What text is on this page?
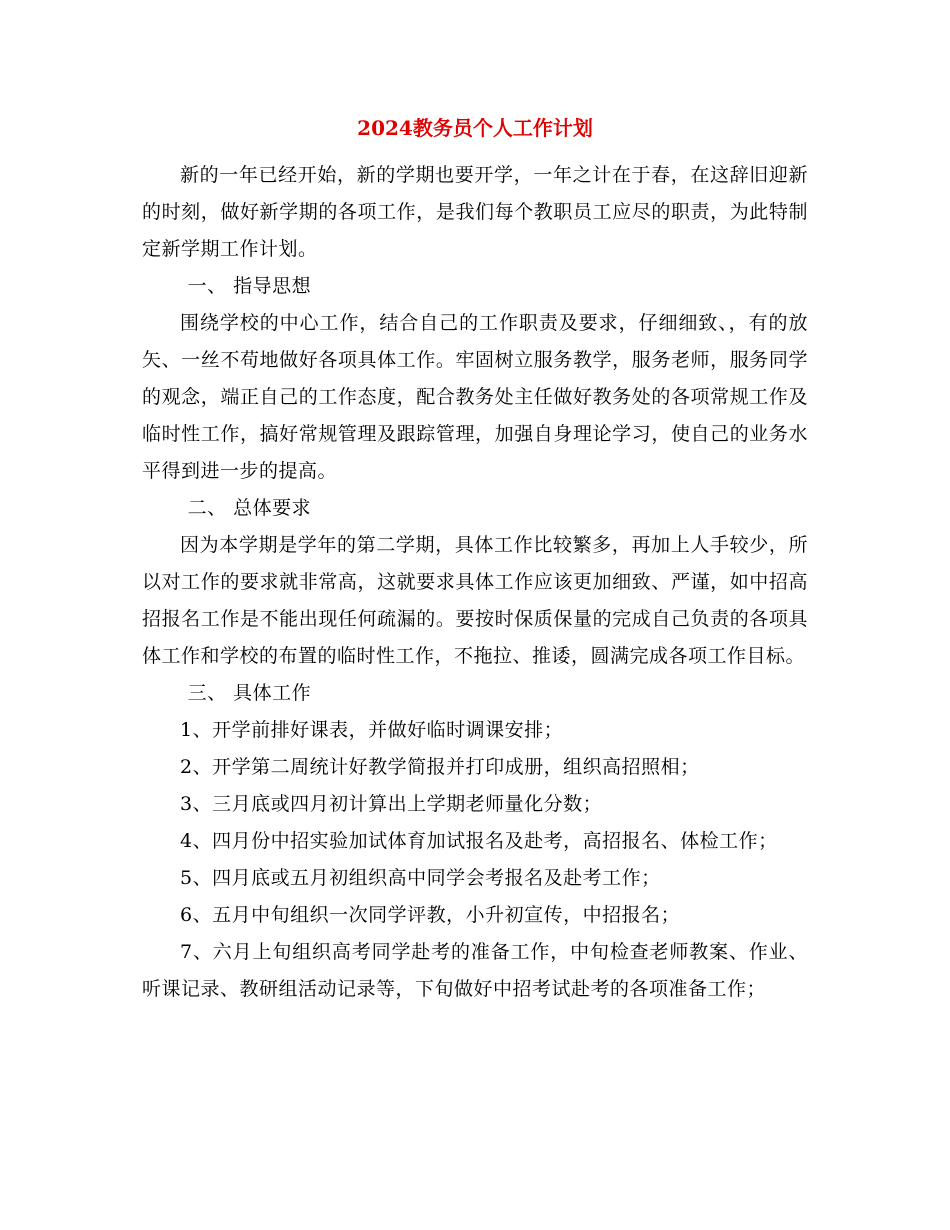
2024教务员个人工作计划

新的一年已经开始，新的学期也要开学，一年之计在于春，在这辞旧迎新的时刻，做好新学期的各项工作，是我们每个教职员工应尽的职责，为此特制定新学期工作计划。

一、 指导思想

围绕学校的中心工作，结合自己的工作职责及要求，仔细细致、，有的放矢、一丝不苟地做好各项具体工作。牢固树立服务教学，服务老师，服务同学的观念，端正自己的工作态度，配合教务处主任做好教务处的各项常规工作及临时性工作，搞好常规管理及跟踪管理，加强自身理论学习，使自己的业务水平得到进一步的提高。

二、 总体要求

因为本学期是学年的第二学期，具体工作比较繁多，再加上人手较少，所以对工作的要求就非常高，这就要求具体工作应该更加细致、严谨，如中招高招报名工作是不能出现任何疏漏的。要按时保质保量的完成自己负责的各项具体工作和学校的布置的临时性工作，不拖拉、推诿，圆满完成各项工作目标。

三、 具体工作

1、开学前排好课表，并做好临时调课安排；

2、开学第二周统计好教学简报并打印成册，组织高招照相；

3、三月底或四月初计算出上学期老师量化分数；

4、四月份中招实验加试体育加试报名及赴考，高招报名、体检工作；

5、四月底或五月初组织高中同学会考报名及赴考工作；

6、五月中旬组织一次同学评教，小升初宣传，中招报名；

7、六月上旬组织高考同学赴考的准备工作，中旬检查老师教案、作业、听课记录、教研组活动记录等，下旬做好中招考试赴考的各项准备工作；
